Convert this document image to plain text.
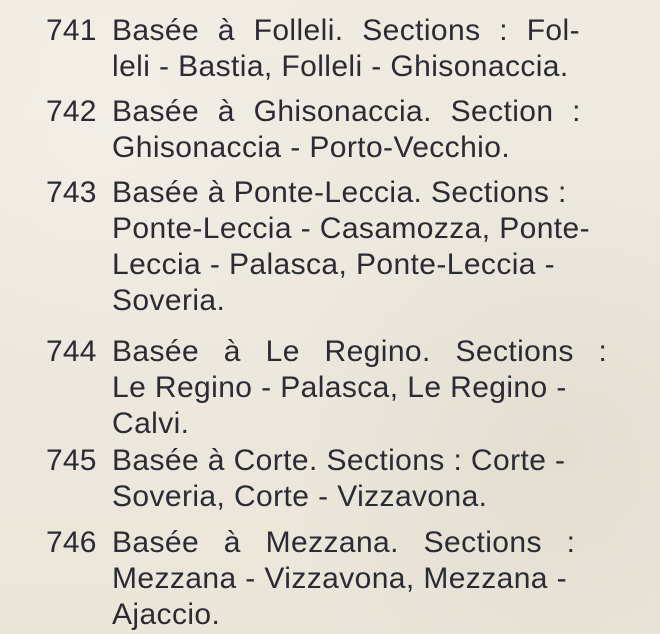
741 Basée à Folleli. Sections : Fol-
leli - Bastia, Folleli - Ghisonaccia.
742 Basée à Ghisonaccia. Section :
Ghisonaccia - Porto-Vecchio.
743 Basée à Ponte-Leccia. Sections :
Ponte-Leccia - Casamozza, Ponte-
Leccia - Palasca, Ponte-Leccia -
Soveria.
744 Basée à Le Regino. Sections :
Le Regino - Palasca, Le Regino -
Calvi.
745 Basée à Corte. Sections : Corte -
Soveria, Corte - Vizzavona.
746 Basée à Mezzana. Sections :
Mezzana - Vizzavona, Mezzana -
Ajaccio.
